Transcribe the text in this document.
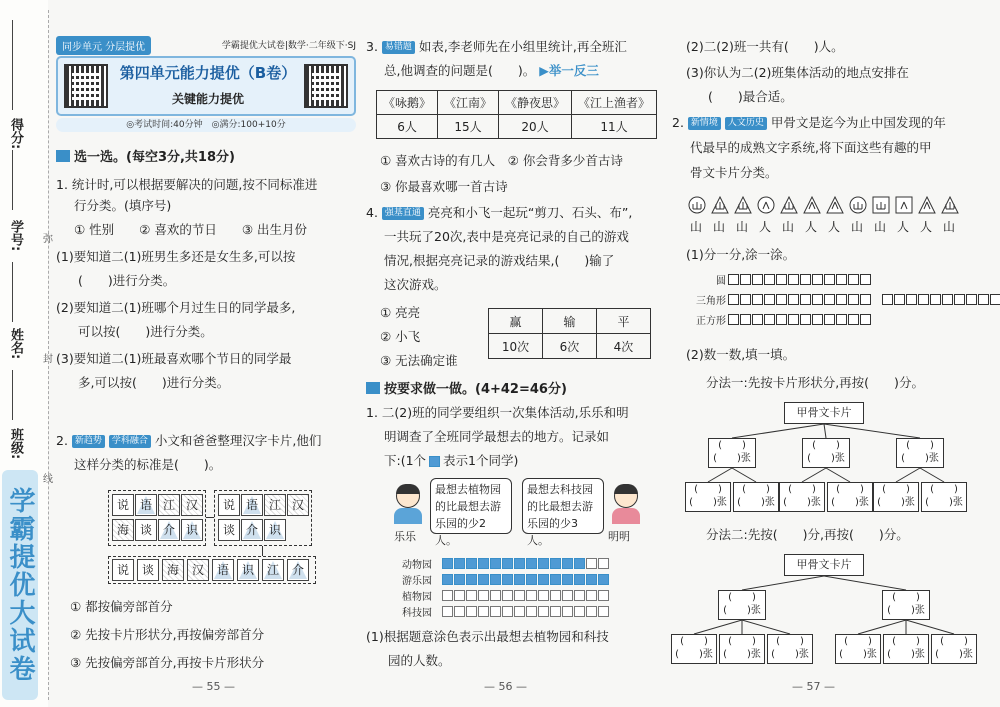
得分:
学号:
姓名:
班级:
弥
封
线
学霸提优大试卷
同步单元 分层提优	学霸提优大试卷|数学·二年级下·SJ
第四单元能力提优（B卷）
关键能力提优
◎考试时间:40分钟　◎满分:100+10分
选一选。(每空3分,共18分)
1. 统计时,可以根据要解决的问题,按不同标准进
行分类。(填序号)
① 性别　　② 喜欢的节日　　③ 出生月份
(1)要知道二(1)班男生多还是女生多,可以按
(　　)进行分类。
(2)要知道二(1)班哪个月过生日的同学最多,
可以按(　　)进行分类。
(3)要知道二(1)班最喜欢哪个节日的同学最
多,可以按(　　)进行分类。
2. 新趋势 学科融合 小文和爸爸整理汉字卡片,他们
这样分类的标准是(　　)。
说 语 江 汉
海 谈 介 识
说 语 江 汉
谈 介 识
说	谈	海	汉	语	识	江	介
① 都按偏旁部首分
② 先按卡片形状分,再按偏旁部首分
③ 先按偏旁部首分,再按卡片形状分
— 55 —
3. 易错题 如表,李老师先在小组里统计,再全班汇
总,他调查的问题是(　　)。 ▶举一反三
《咏鹅》	《江南》	《静夜思》	《江上渔者》
6人	15人	20人	11人
① 喜欢古诗的有几人　② 你会背多少首古诗
③ 你最喜欢哪一首古诗
4. 强基直通 亮亮和小飞一起玩“剪刀、石头、布”,
一共玩了20次,表中是亮亮记录的自己的游戏
情况,根据亮亮记录的游戏结果,(　　)输了
这次游戏。
① 亮亮
② 小飞
③ 无法确定谁
赢	输	平
10次	6次	4次
按要求做一做。(4+42=46分)
1. 二(2)班的同学要组织一次集体活动,乐乐和明
明调查了全班同学最想去的地方。记录如
下:(1个 表示1个同学)
乐乐
最想去植物园的比最想去游乐园的少2人。
最想去科技园的比最想去游乐园的少3人。	明明
动物园
游乐园
植物园
科技园
(1)根据题意涂色表示出最想去植物园和科技
园的人数。
— 56 —
(2)二(2)班一共有(　　)人。
(3)你认为二(2)班集体活动的地点安排在
(　　)最合适。
2. 新情境 人文历史 甲骨文是迄今为止中国发现的年
代最早的成熟文字系统,将下面这些有趣的甲
骨文卡片分类。
山 山 山 人 山 人 人 山 山 人 人 山
(1)分一分,涂一涂。
圆
三角形
正方形
(2)数一数,填一填。
分法一:先按卡片形状分,再按(　　)分。
甲骨文卡片
(　　)
(　　)张
(　　)
(　　)张
(　　)
(　　)张
(　　)
(　　)张
(　　)
(　　)张
(　　)
(　　)张
(　　)
(　　)张
(　　)
(　　)张
(　　)
(　　)张
分法二:先按(　　)分,再按(　　)分。
甲骨文卡片
(　　)
(　　)张
(　　)
(　　)张
(　　)
(　　)张
(　　)
(　　)张
(　　)
(　　)张
(　　)
(　　)张
(　　)
(　　)张
(　　)
(　　)张
— 57 —
